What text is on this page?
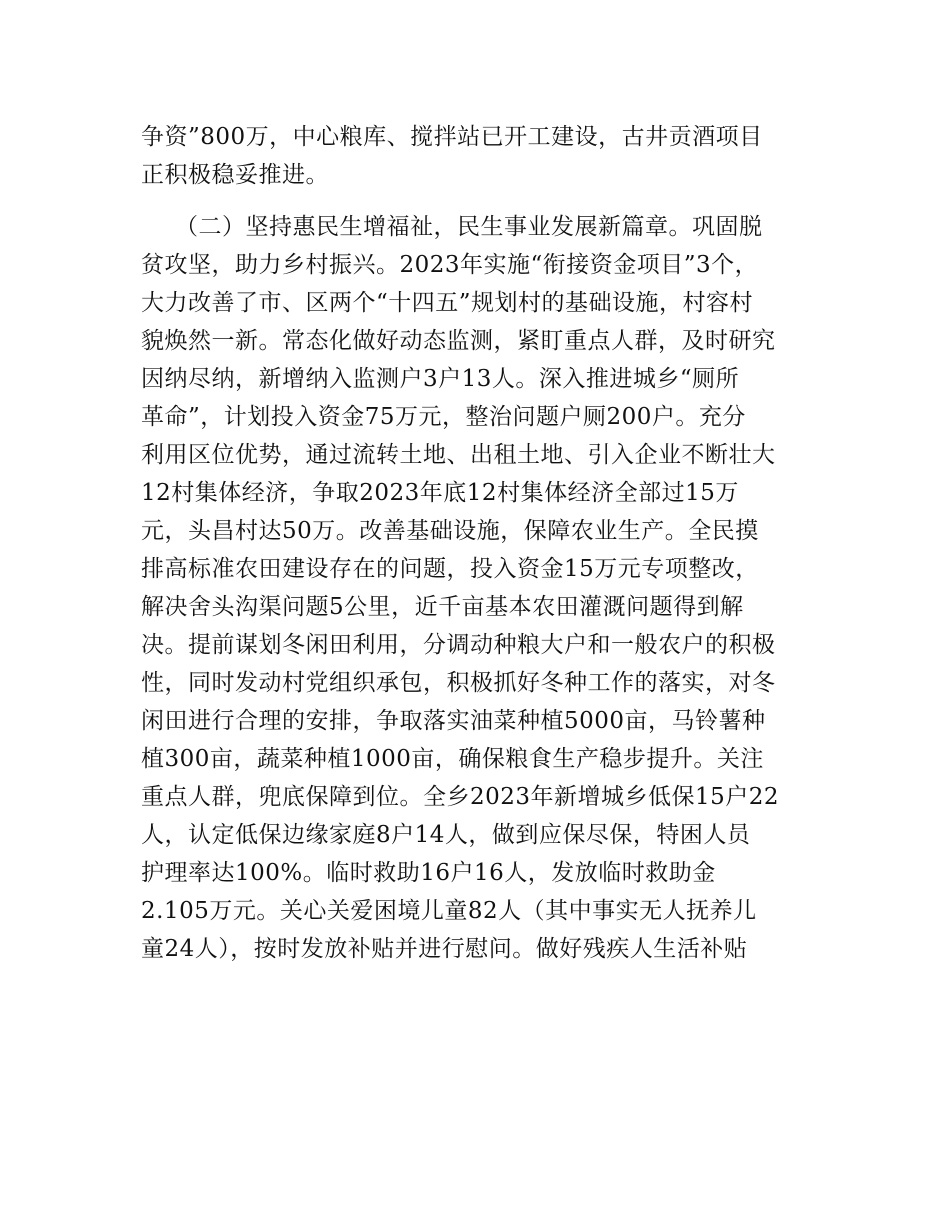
争资”800万，中心粮库、搅拌站已开工建设，古井贡酒项目
正积极稳妥推进。
（二）坚持惠民生增福祉，民生事业发展新篇章。巩固脱
贫攻坚，助力乡村振兴。2023年实施“衔接资金项目”3个，
大力改善了市、区两个“十四五”规划村的基础设施，村容村
貌焕然一新。常态化做好动态监测，紧盯重点人群，及时研究
因纳尽纳，新增纳入监测户3户13人。深入推进城乡“厕所
革命”，计划投入资金75万元，整治问题户厕200户。充分
利用区位优势，通过流转土地、出租土地、引入企业不断壮大
12村集体经济，争取2023年底12村集体经济全部过15万
元，头昌村达50万。改善基础设施，保障农业生产。全民摸
排高标准农田建设存在的问题，投入资金15万元专项整改，
解决舍头沟渠问题5公里，近千亩基本农田灌溉问题得到解
决。提前谋划冬闲田利用，分调动种粮大户和一般农户的积极
性，同时发动村党组织承包，积极抓好冬种工作的落实，对冬
闲田进行合理的安排，争取落实油菜种植5000亩，马铃薯种
植300亩，蔬菜种植1000亩，确保粮食生产稳步提升。关注
重点人群，兜底保障到位。全乡2023年新增城乡低保15户22
人，认定低保边缘家庭8户14人，做到应保尽保，特困人员
护理率达100%。临时救助16户16人，发放临时救助金
2.105万元。关心关爱困境儿童82人（其中事实无人抚养儿
童24人），按时发放补贴并进行慰问。做好残疾人生活补贴
